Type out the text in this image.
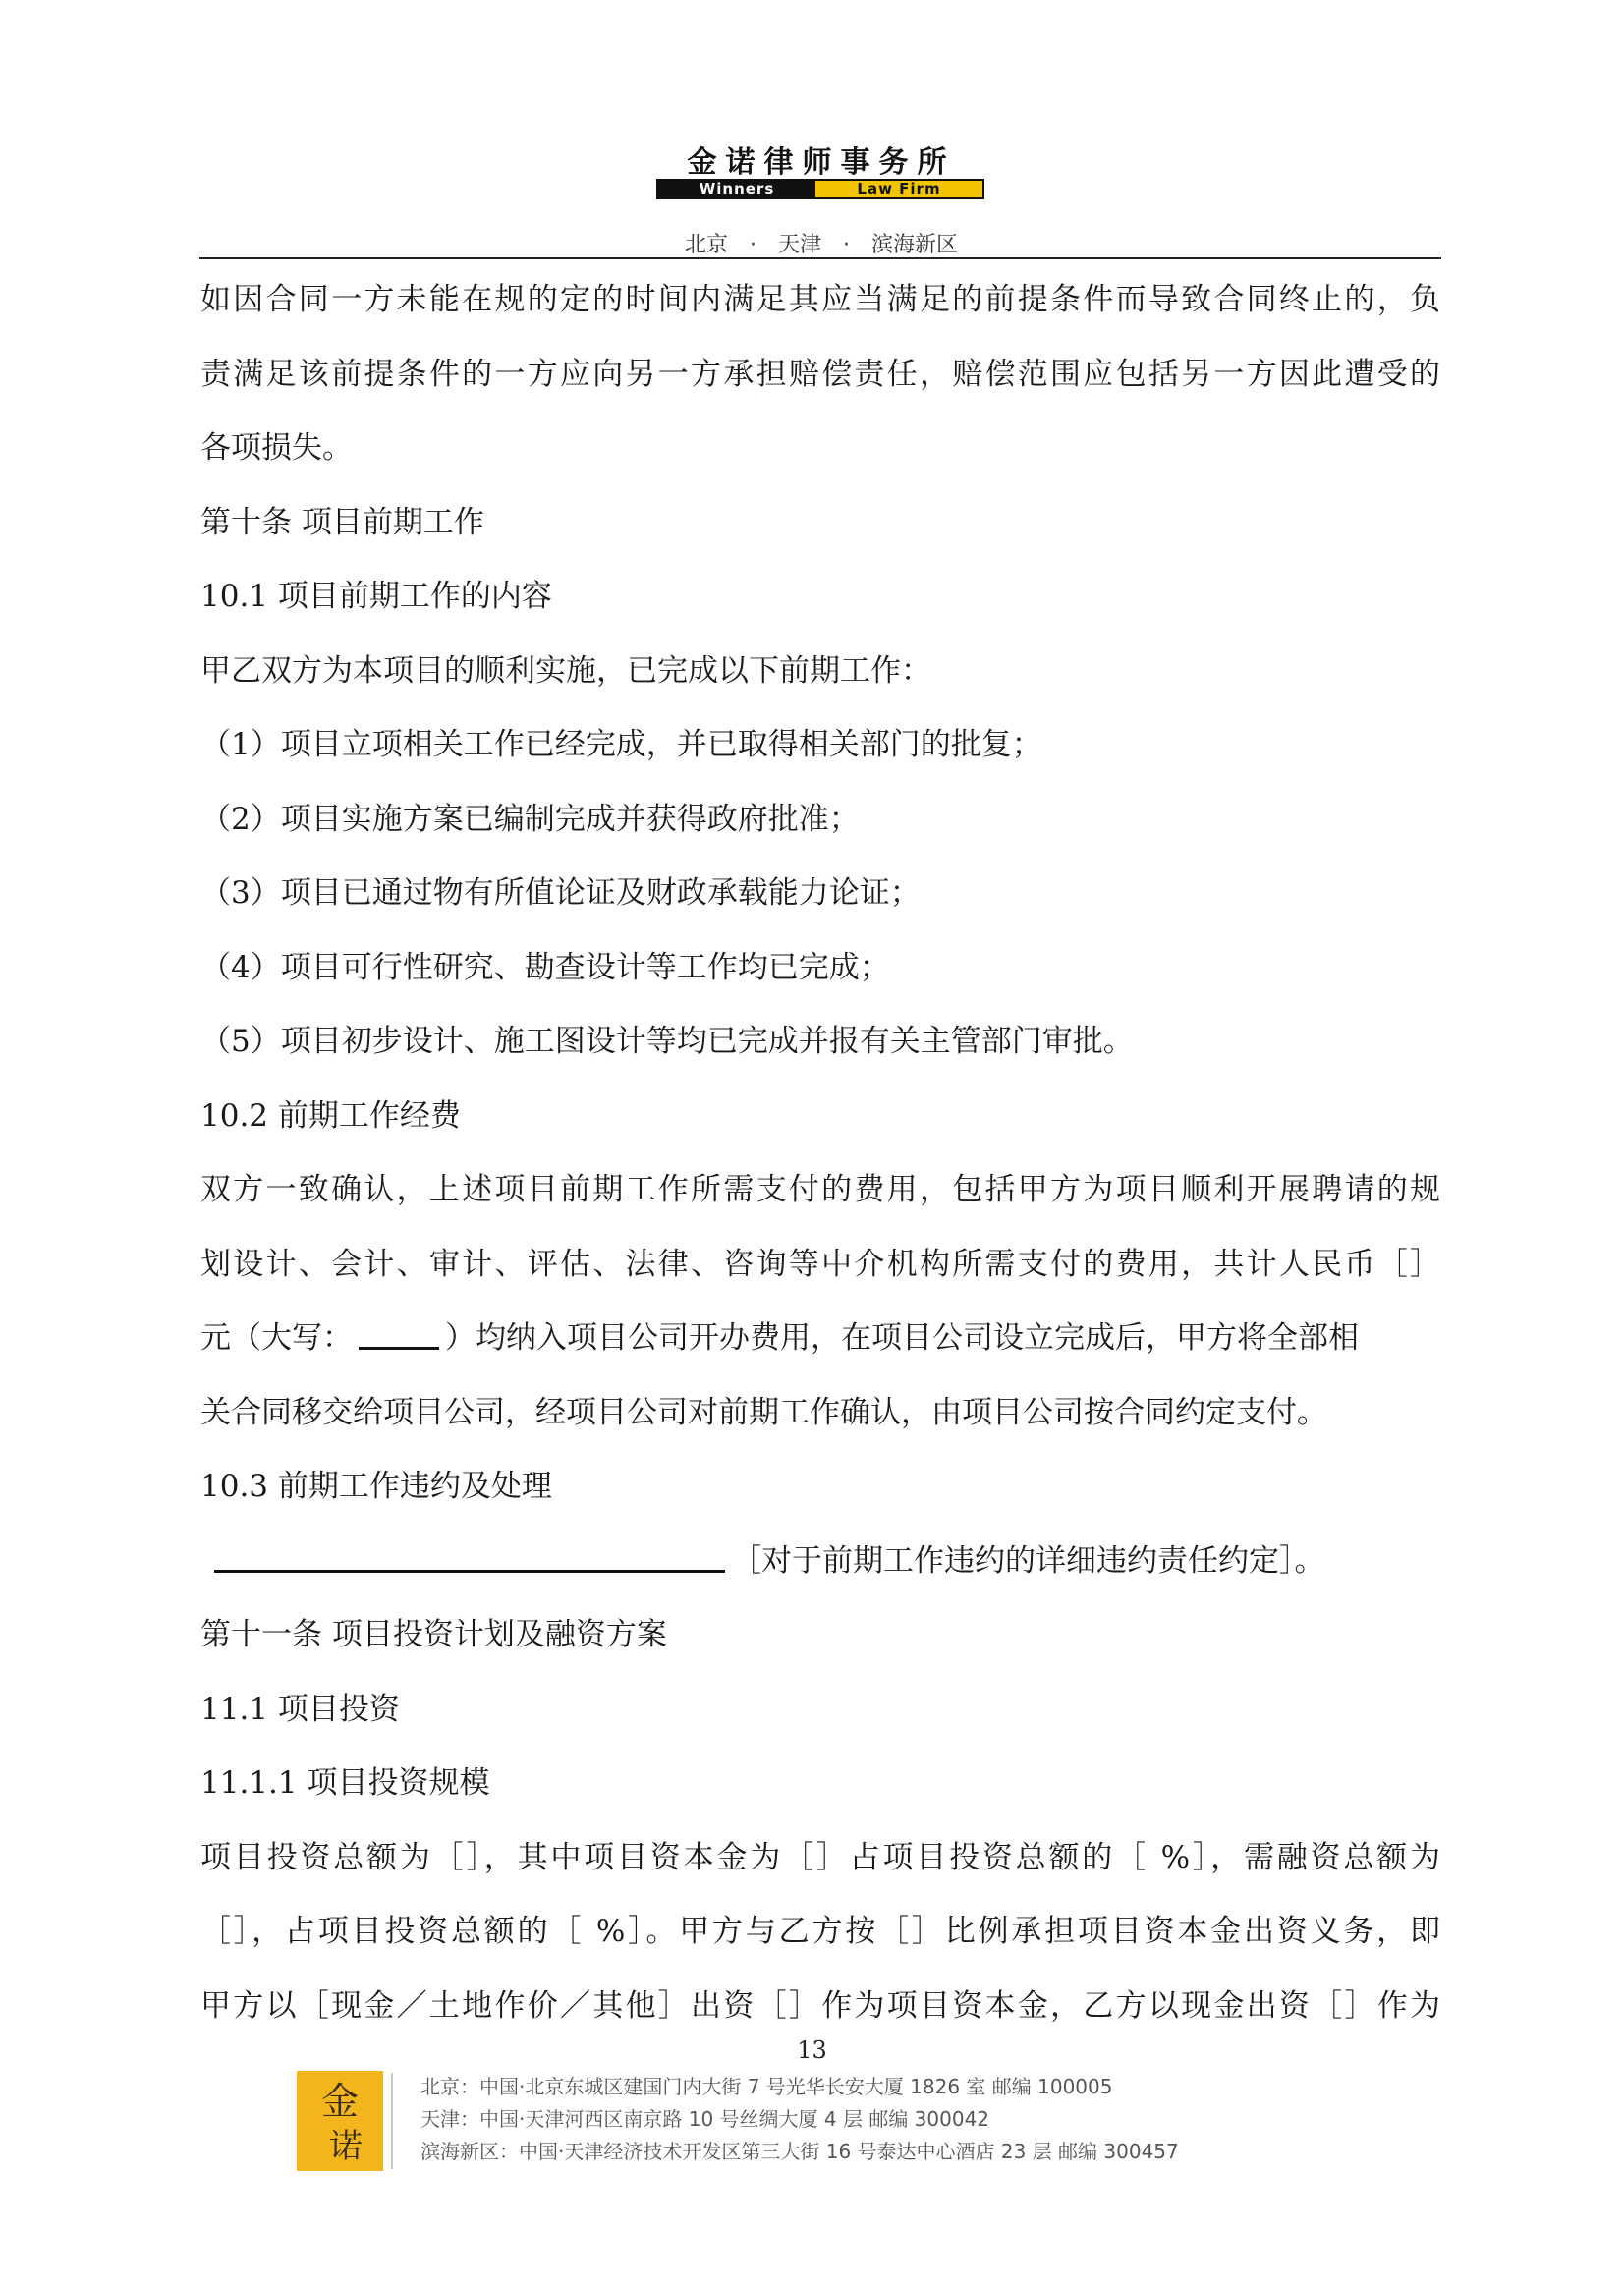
金诺律师事务所
Winners	Law Firm
北京　·　天津　·　滨海新区
如因合同一方未能在规的定的时间内满足其应当满足的前提条件而导致合同终止的，负
责满足该前提条件的一方应向另一方承担赔偿责任，赔偿范围应包括另一方因此遭受的
各项损失。
第十条 项目前期工作
10.1 项目前期工作的内容
甲乙双方为本项目的顺利实施，已完成以下前期工作：
（1）项目立项相关工作已经完成，并已取得相关部门的批复；
（2）项目实施方案已编制完成并获得政府批准；
（3）项目已通过物有所值论证及财政承载能力论证；
（4）项目可行性研究、勘查设计等工作均已完成；
（5）项目初步设计、施工图设计等均已完成并报有关主管部门审批。
10.2 前期工作经费
双方一致确认，上述项目前期工作所需支付的费用，包括甲方为项目顺利开展聘请的规
划设计、会计、审计、评估、法律、咨询等中介机构所需支付的费用，共计人民币［］
元（大写：	）均纳入项目公司开办费用，在项目公司设立完成后，甲方将全部相
关合同移交给项目公司，经项目公司对前期工作确认，由项目公司按合同约定支付。
10.3 前期工作违约及处理
［对于前期工作违约的详细违约责任约定］。
第十一条 项目投资计划及融资方案
11.1 项目投资
11.1.1 项目投资规模
项目投资总额为［］，其中项目资本金为［］占项目投资总额的［ %］，需融资总额为
［］，占项目投资总额的［ %］。甲方与乙方按［］比例承担项目资本金出资义务，即
甲方以［现金／土地作价／其他］出资［］作为项目资本金，乙方以现金出资［］作为
13
金
诺
北京：中国·北京东城区建国门内大街 7 号光华长安大厦 1826 室 邮编 100005
天津：中国·天津河西区南京路 10 号丝绸大厦 4 层 邮编 300042
滨海新区：中国·天津经济技术开发区第三大街 16 号泰达中心酒店 23 层 邮编 300457
